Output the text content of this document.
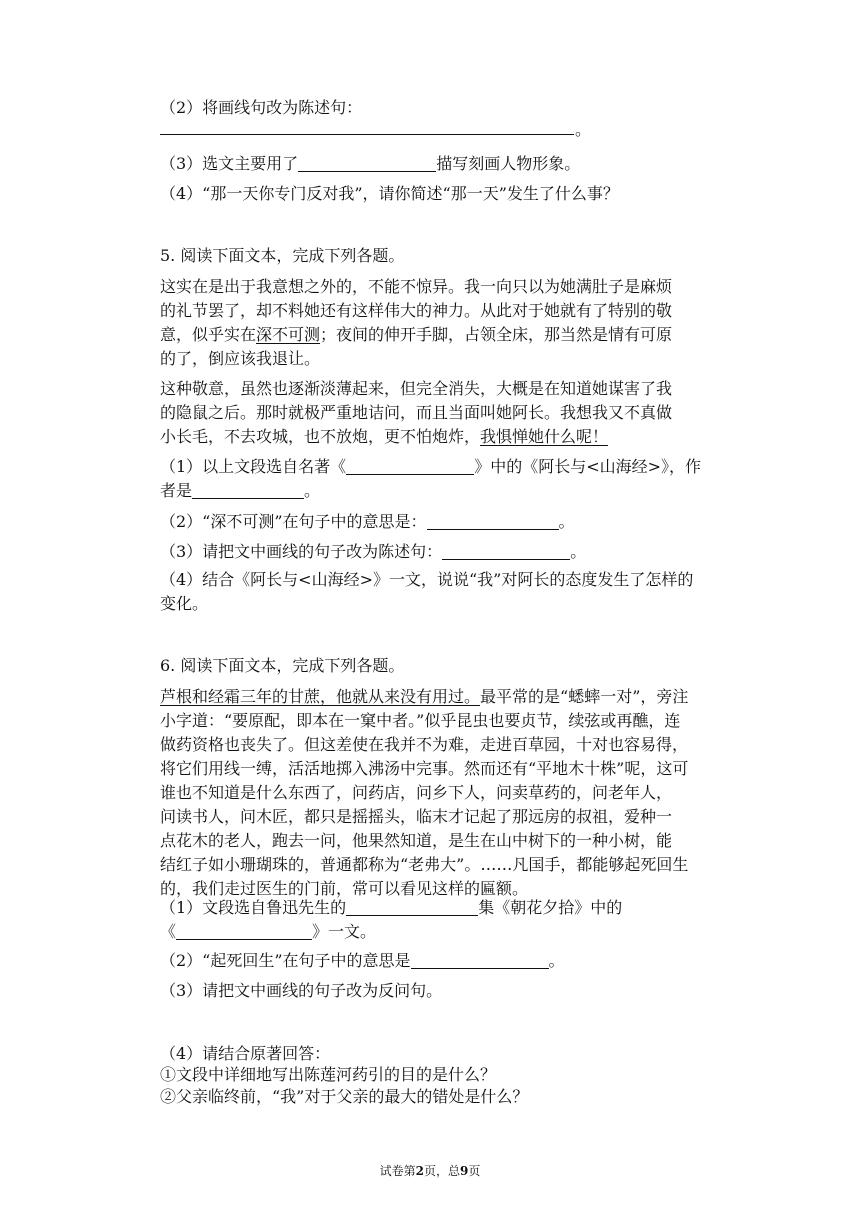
（2）将画线句改为陈述句：
。
（3）选文主要用了	描写刻画人物形象。
（4）“那一天你专门反对我”，请你简述“那一天”发生了什么事？
5. 阅读下面文本，完成下列各题。
这实在是出于我意想之外的，不能不惊异。我一向只以为她满肚子是麻烦
的礼节罢了，却不料她还有这样伟大的神力。从此对于她就有了特别的敬
意，似乎实在深不可测；夜间的伸开手脚，占领全床，那当然是情有可原
的了，倒应该我退让。
这种敬意，虽然也逐渐淡薄起来，但完全消失，大概是在知道她谋害了我
的隐鼠之后。那时就极严重地诘问，而且当面叫她阿长。我想我又不真做
小长毛，不去攻城，也不放炮，更不怕炮炸，我惧惮她什么呢！
（1）以上文段选自名著《	》中的《阿长与<山海经>》，作
者是	。
（2）“深不可测”在句子中的意思是：	。
（3）请把文中画线的句子改为陈述句：	。
（4）结合《阿长与<山海经>》一文，说说“我”对阿长的态度发生了怎样的
变化。
6. 阅读下面文本，完成下列各题。
芦根和经霜三年的甘蔗，他就从来没有用过。最平常的是“蟋蟀一对”，旁注
小字道：“要原配，即本在一窠中者。”似乎昆虫也要贞节，续弦或再醮，连
做药资格也丧失了。但这差使在我并不为难，走进百草园，十对也容易得，
将它们用线一缚，活活地掷入沸汤中完事。然而还有“平地木十株”呢，这可
谁也不知道是什么东西了，问药店，问乡下人，问卖草药的，问老年人，
问读书人，问木匠，都只是摇摇头，临末才记起了那远房的叔祖，爱种一
点花木的老人，跑去一问，他果然知道，是生在山中树下的一种小树，能
结红子如小珊瑚珠的，普通都称为“老弗大”。……凡国手，都能够起死回生
的，我们走过医生的门前，常可以看见这样的匾额。
（1）文段选自鲁迅先生的	集《朝花夕拾》中的
《	》一文。
（2）“起死回生”在句子中的意思是	。
（3）请把文中画线的句子改为反问句。
（4）请结合原著回答：
①文段中详细地写出陈莲河药引的目的是什么？
②父亲临终前，“我”对于父亲的最大的错处是什么？
试卷第2页，总9页
